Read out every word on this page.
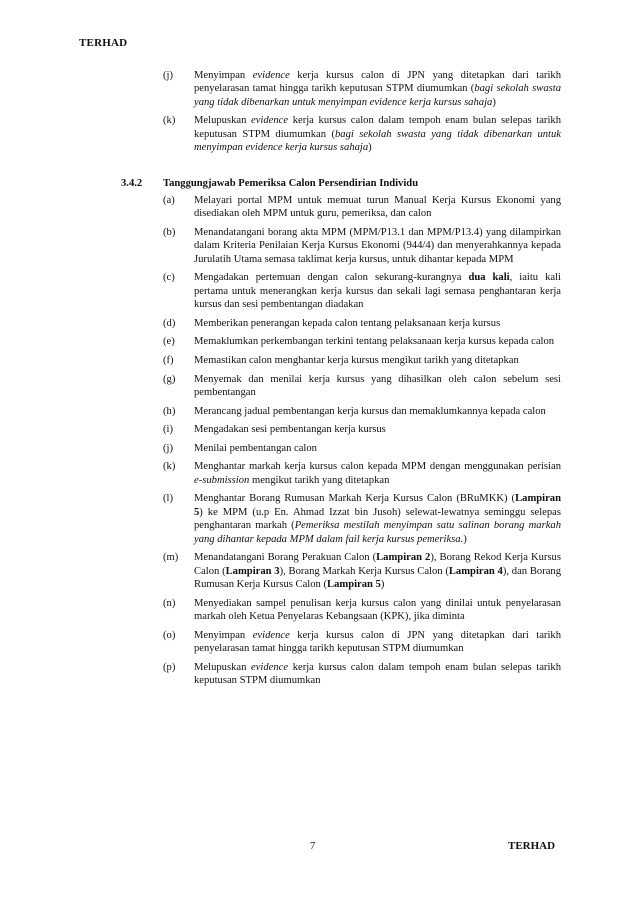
TERHAD
(j)	Menyimpan evidence kerja kursus calon di JPN yang ditetapkan dari tarikh penyelarasan tamat hingga tarikh keputusan STPM diumumkan (bagi sekolah swasta yang tidak dibenarkan untuk menyimpan evidence kerja kursus sahaja)
(k)	Melupuskan evidence kerja kursus calon dalam tempoh enam bulan selepas tarikh keputusan STPM diumumkan (bagi sekolah swasta yang tidak dibenarkan untuk menyimpan evidence kerja kursus sahaja)
3.4.2	Tanggungjawab Pemeriksa Calon Persendirian Individu
(a)	Melayari portal MPM untuk memuat turun Manual Kerja Kursus Ekonomi yang disediakan oleh MPM untuk guru, pemeriksa, dan calon
(b)	Menandatangani borang akta MPM (MPM/P13.1 dan MPM/P13.4) yang dilampirkan dalam Kriteria Penilaian Kerja Kursus Ekonomi (944/4) dan menyerahkannya kepada Jurulatih Utama semasa taklimat kerja kursus, untuk dihantar kepada MPM
(c)	Mengadakan pertemuan dengan calon sekurang-kurangnya dua kali, iaitu kali pertama untuk menerangkan kerja kursus dan sekali lagi semasa penghantaran kerja kursus dan sesi pembentangan diadakan
(d)	Memberikan penerangan kepada calon tentang pelaksanaan kerja kursus
(e)	Memaklumkan perkembangan terkini tentang pelaksanaan kerja kursus kepada calon
(f)	Memastikan calon menghantar kerja kursus mengikut tarikh yang ditetapkan
(g)	Menyemak dan menilai kerja kursus yang dihasilkan oleh calon sebelum sesi pembentangan
(h)	Merancang jadual pembentangan kerja kursus dan memaklumkannya kepada calon
(i)	Mengadakan sesi pembentangan kerja kursus
(j)	Menilai pembentangan calon
(k)	Menghantar markah kerja kursus calon kepada MPM dengan menggunakan perisian e-submission mengikut tarikh yang ditetapkan
(l)	Menghantar Borang Rumusan Markah Kerja Kursus Calon (BRuMKK) (Lampiran 5) ke MPM (u.p En. Ahmad Izzat bin Jusoh) selewat-lewatnya seminggu selepas penghantaran markah (Pemeriksa mestilah menyimpan satu salinan borang markah yang dihantar kepada MPM dalam fail kerja kursus pemeriksa.)
(m)	Menandatangani Borang Perakuan Calon (Lampiran 2), Borang Rekod Kerja Kursus Calon (Lampiran 3), Borang Markah Kerja Kursus Calon (Lampiran 4), dan Borang Rumusan Kerja Kursus Calon (Lampiran 5)
(n)	Menyediakan sampel penulisan kerja kursus calon yang dinilai untuk penyelarasan markah oleh Ketua Penyelaras Kebangsaan (KPK), jika diminta
(o)	Menyimpan evidence kerja kursus calon di JPN yang ditetapkan dari tarikh penyelarasan tamat hingga tarikh keputusan STPM diumumkan
(p)	Melupuskan evidence kerja kursus calon dalam tempoh enam bulan selepas tarikh keputusan STPM diumumkan
7	TERHAD
